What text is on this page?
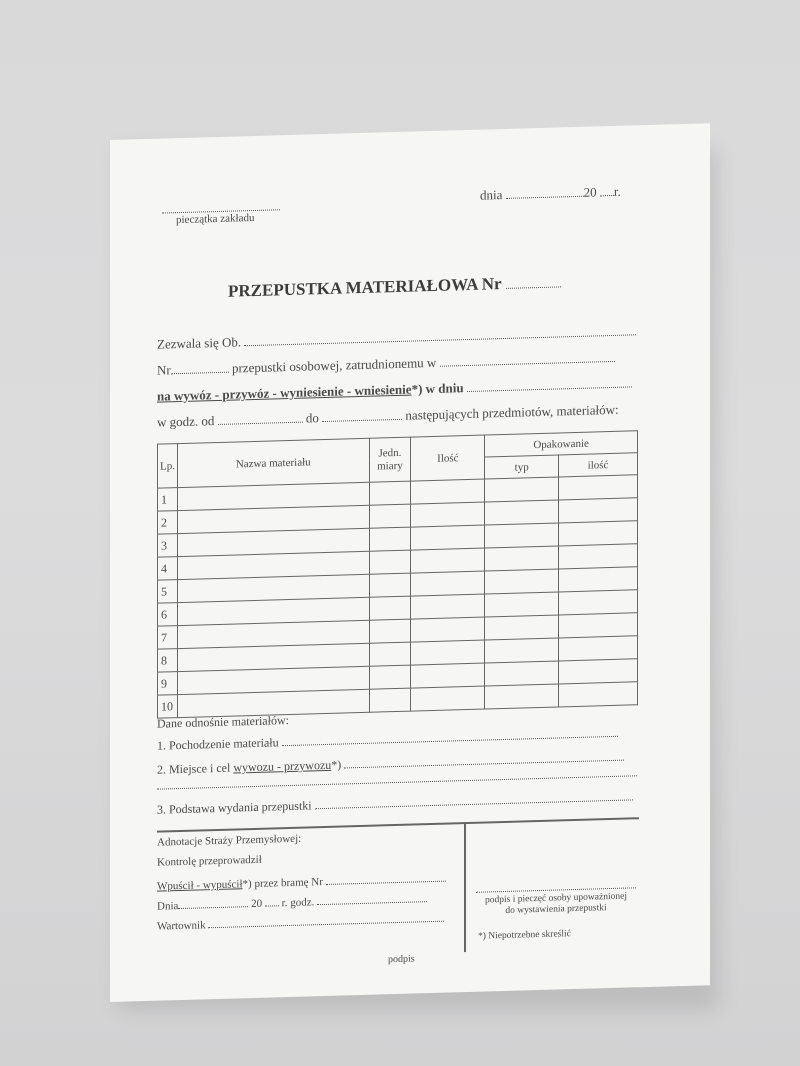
pieczątka zakładu
dnia	20 r.
PRZEPUSTKA MATERIAŁOWA Nr
Zezwala się Ob.
Nr	przepustki osobowej, zatrudnionemu w
na wywóz - przywóz - wyniesienie - wniesienie*) w dniu
w godz. od	do	następujących przedmiotów, materiałów:
Lp.	Nazwa materiału	Jedn. miary	Ilość	Opakowanie	
				typ	ilość
1					
2					
3					
4					
5					
6					
7					
8					
9					
10					
Dane odnośnie materiałów:
1. Pochodzenie materiału
2. Miejsce i cel wywozu - przywozu*)
3. Podstawa wydania przepustki
Adnotacje Straży Przemysłowej:
Kontrolę przeprowadził
Wpuścił - wypuścił*) przez bramę Nr
Dnia	20 r. godz.
Wartownik
podpis
podpis i pieczęć osoby upoważnionej
do wystawienia przepustki
*) Niepotrzebne skreślić
